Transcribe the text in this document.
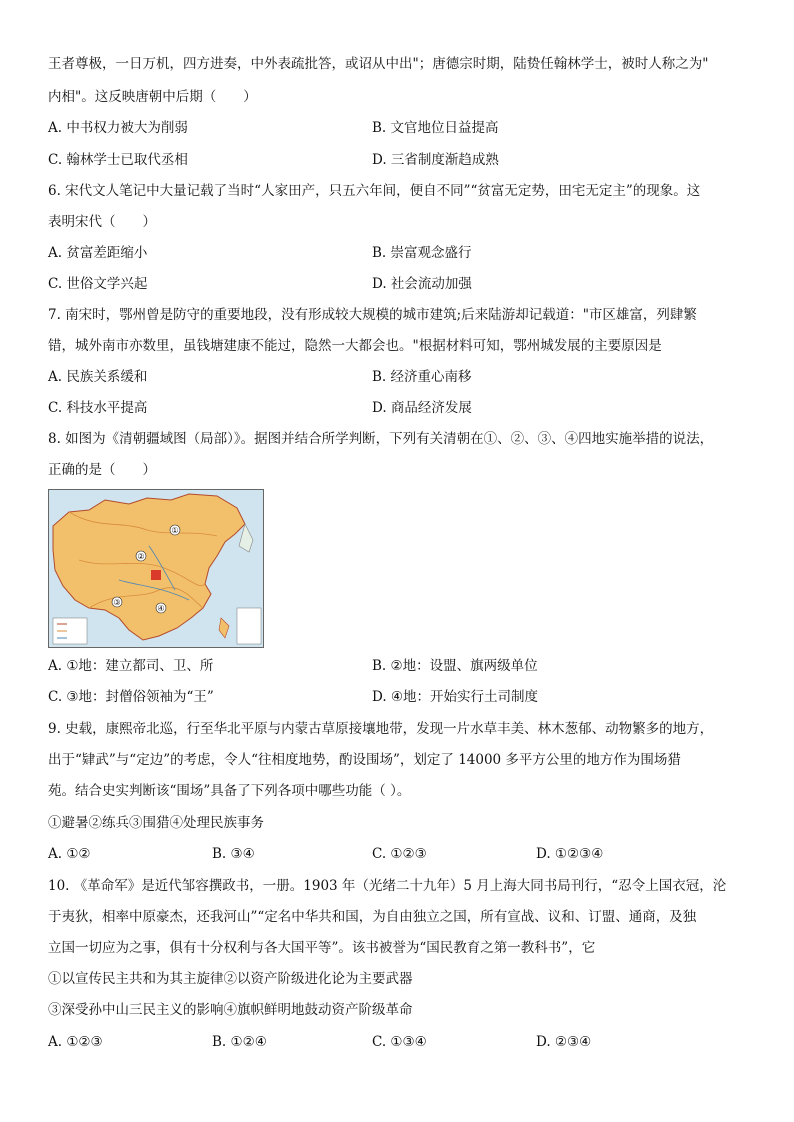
王者尊极，一日万机，四方进奏，中外表疏批答，或诏从中出"；唐德宗时期，陆贽任翰林学士，被时人称之为"
内相"。这反映唐朝中后期（　　）
A. 中书权力被大为削弱	B. 文官地位日益提高
C. 翰林学士已取代丞相	D. 三省制度渐趋成熟
6. 宋代文人笔记中大量记载了当时“人家田产，只五六年间，便自不同”“贫富无定势，田宅无定主”的现象。这
表明宋代（　　）
A. 贫富差距缩小	B. 崇富观念盛行
C. 世俗文学兴起	D. 社会流动加强
7. 南宋时，鄂州曾是防守的重要地段，没有形成较大规模的城市建筑;后来陆游却记载道："市区雄富，列肆繁
错，城外南市亦数里，虽钱塘建康不能过，隐然一大都会也。"根据材料可知，鄂州城发展的主要原因是
A. 民族关系缓和	B. 经济重心南移
C. 科技水平提高	D. 商品经济发展
8. 如图为《清朝疆域图（局部）》。据图并结合所学判断，下列有关清朝在①、②、③、④四地实施举措的说法，
正确的是（　　）
①
②
③
④
A. ①地：建立都司、卫、所	B. ②地：设盟、旗两级单位
C. ③地：封僧俗领袖为“王”	D. ④地：开始实行土司制度
9. 史载，康熙帝北巡，行至华北平原与内蒙古草原接壤地带，发现一片水草丰美、林木葱郁、动物繁多的地方，
出于“肄武”与“定边”的考虑，令人“往相度地势，酌设围场”，划定了 14000 多平方公里的地方作为围场猎
苑。结合史实判断该“围场”具备了下列各项中哪些功能（ ）。
①避暑②练兵③围猎④处理民族事务
A. ①②	B. ③④	C. ①②③	D. ①②③④
10. 《革命军》是近代邹容撰政书，一册。1903 年（光绪二十九年）5 月上海大同书局刊行，“忍令上国衣冠，沦
于夷狄，相率中原豪杰，还我河山”“定名中华共和国，为自由独立之国，所有宣战、议和、订盟、通商，及独
立国一切应为之事，俱有十分权利与各大国平等”。该书被誉为“国民教育之第一教科书”，它
①以宣传民主共和为其主旋律②以资产阶级进化论为主要武器
③深受孙中山三民主义的影响④旗帜鲜明地鼓动资产阶级革命
A. ①②③	B. ①②④	C. ①③④	D. ②③④
